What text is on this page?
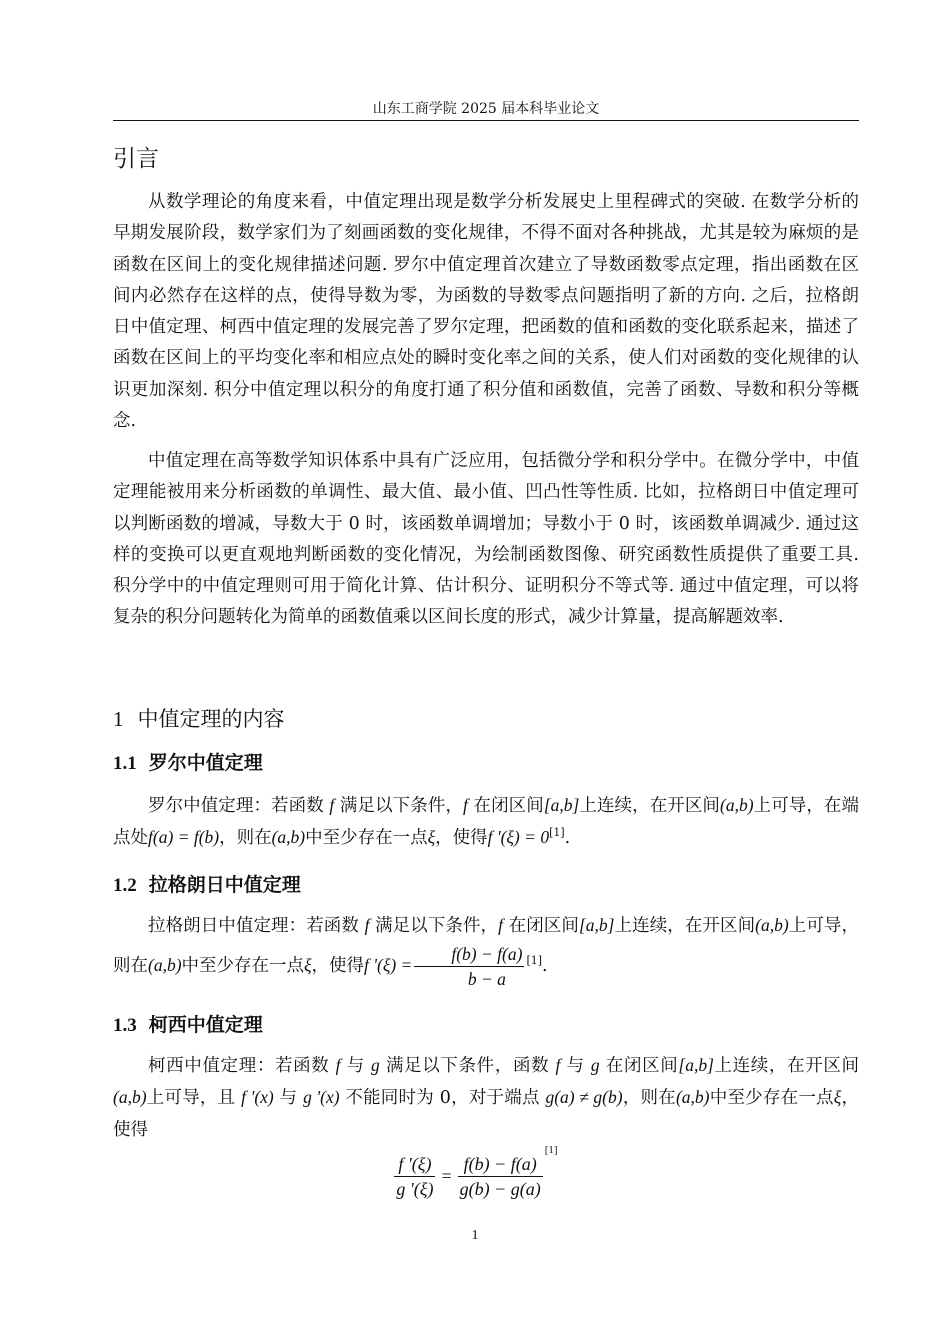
山东工商学院 2025 届本科毕业论文
引言

从数学理论的角度来看，中值定理出现是数学分析发展史上里程碑式的突破. 在数学分析的早期发展阶段，数学家们为了刻画函数的变化规律，不得不面对各种挑战，尤其是较为麻烦的是函数在区间上的变化规律描述问题. 罗尔中值定理首次建立了导数函数零点定理，指出函数在区间内必然存在这样的点，使得导数为零，为函数的导数零点问题指明了新的方向. 之后，拉格朗日中值定理、柯西中值定理的发展完善了罗尔定理，把函数的值和函数的变化联系起来，描述了函数在区间上的平均变化率和相应点处的瞬时变化率之间的关系，使人们对函数的变化规律的认识更加深刻. 积分中值定理以积分的角度打通了积分值和函数值，完善了函数、导数和积分等概念.

中值定理在高等数学知识体系中具有广泛应用，包括微分学和积分学中。在微分学中，中值定理能被用来分析函数的单调性、最大值、最小值、凹凸性等性质. 比如，拉格朗日中值定理可以判断函数的增减，导数大于 0 时，该函数单调增加；导数小于 0 时，该函数单调减少. 通过这样的变换可以更直观地判断函数的变化情况，为绘制函数图像、研究函数性质提供了重要工具. 积分学中的中值定理则可用于简化计算、估计积分、证明积分不等式等. 通过中值定理，可以将复杂的积分问题转化为简单的函数值乘以区间长度的形式，减少计算量，提高解题效率.

1 中值定理的内容
1.1 罗尔中值定理

罗尔中值定理：若函数 f 满足以下条件，f 在闭区间[a,b]上连续，在开区间(a,b)上可导，在端点处f(a) = f(b)，则在(a,b)中至少存在一点ξ，使得f '(ξ) = 0[1].

1.2 拉格朗日中值定理

拉格朗日中值定理：若函数 f 满足以下条件，f 在闭区间[a,b]上连续，在开区间(a,b)上可导，则在(a,b)中至少存在一点ξ，使得f '$(\xi) = \frac{f(b) - f(a)}{b - a} [1]$.

1.3 柯西中值定理

柯西中值定理：若函数 f 与 g 满足以下条件，函数 f 与 g 在闭区间[a,b]上连续，在开区间(a,b)上可导，且 f '(x) 与 g '(x) 不能同时为 0，对于端点 g(a) ≠ g(b)，则在(a,b)中至少存在一点ξ，使得

$\frac{f '(\xi)}{g '(\xi)} = \frac{f(b) - f(a)}{g(b) - g(a)}$
[1]
1
